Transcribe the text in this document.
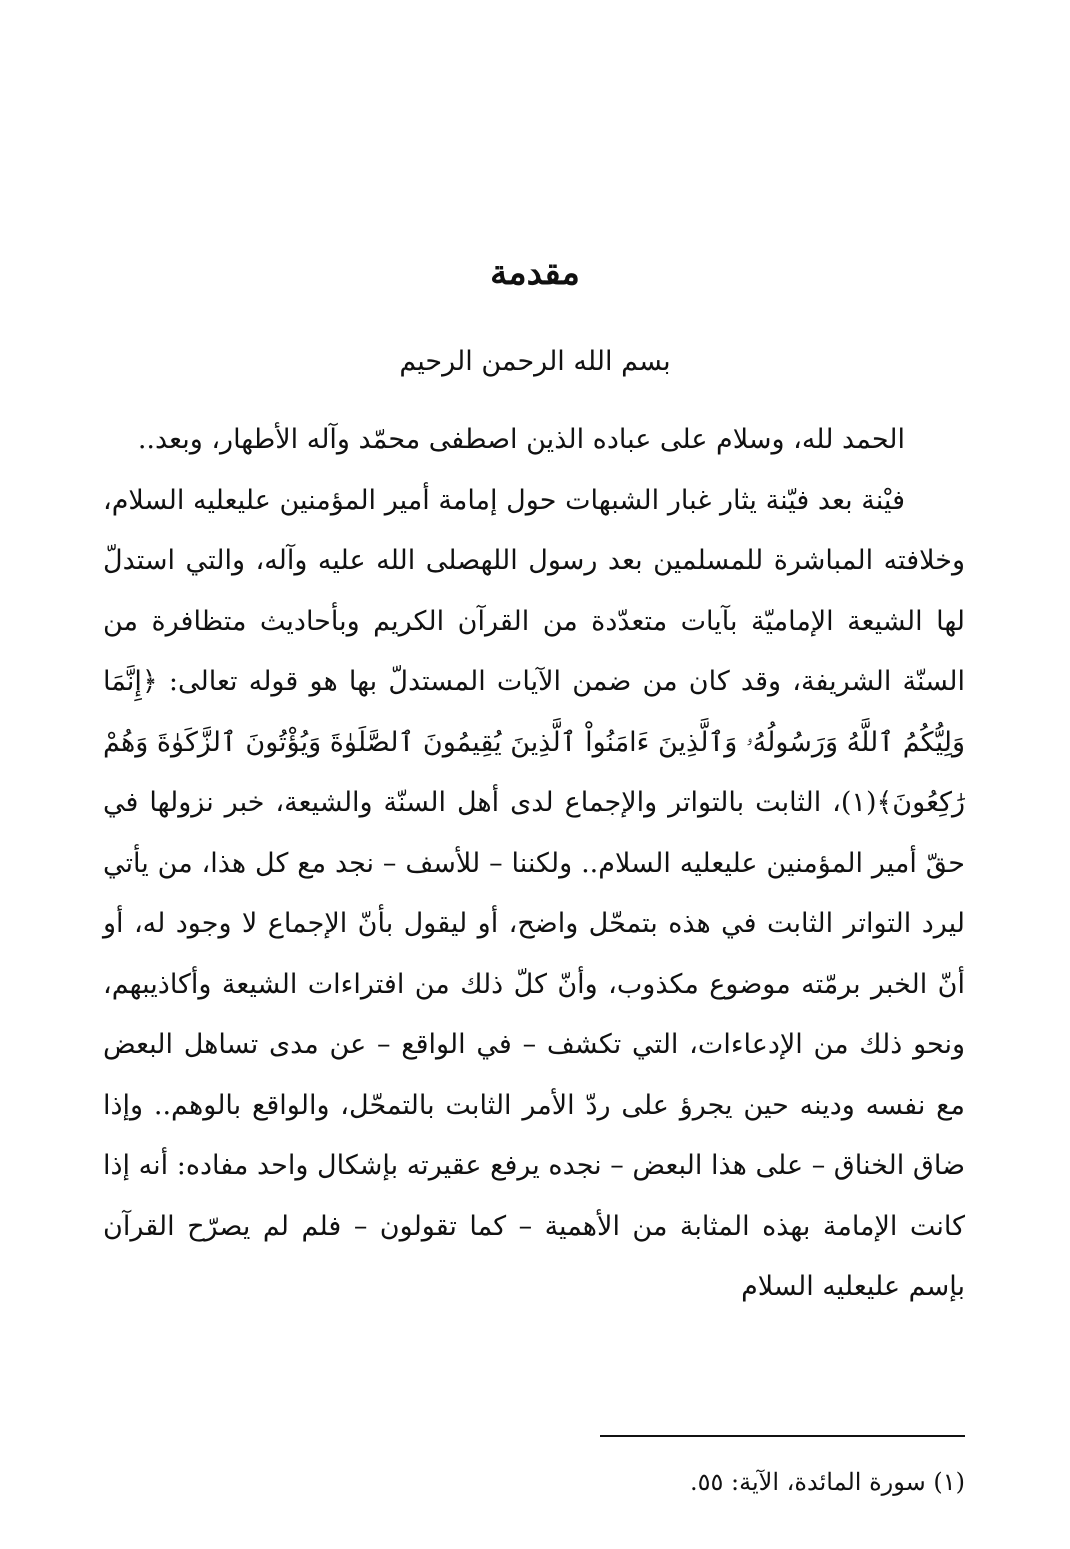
مقدمة
بسم الله الرحمن الرحيم

الحمد لله، وسلام على عباده الذين اصطفى محمّد وآله الأطهار، وبعد..

فيْنة بعد فيّنة يثار غبار الشبهات حول إمامة أمير المؤمنين عليعليه السلام، وخلافته المباشرة للمسلمين بعد رسول اللهصلى الله عليه وآله، والتي استدلّ لها الشيعة الإماميّة بآيات متعدّدة من القرآن الكريم وبأحاديث متظافرة من السنّة الشريفة، وقد كان من ضمن الآيات المستدلّ بها هو قوله تعالى: ﴿إِنَّمَا وَلِيُّكُمُ ٱللَّهُ وَرَسُولُهُۥ وَٱلَّذِينَ ءَامَنُواْ ٱلَّذِينَ يُقِيمُونَ ٱلصَّلَوٰةَ وَيُؤْتُونَ ٱلزَّكَوٰةَ وَهُمْ رَٰكِعُونَ﴾(١)، الثابت بالتواتر والإجماع لدى أهل السنّة والشيعة، خبر نزولها في حقّ أمير المؤمنين عليعليه السلام.. ولكننا – للأسف – نجد مع كل هذا، من يأتي ليرد التواتر الثابت في هذه بتمحّل واضح، أو ليقول بأنّ الإجماع لا وجود له، أو أنّ الخبر برمّته موضوع مكذوب، وأنّ كلّ ذلك من افتراءات الشيعة وأكاذيبهم، ونحو ذلك من الإدعاءات، التي تكشف – في الواقع – عن مدى تساهل البعض مع نفسه ودينه حين يجرؤ على ردّ الأمر الثابت بالتمحّل، والواقع بالوهم.. وإذا ضاق الخناق – على هذا البعض – نجده يرفع عقيرته بإشكال واحد مفاده: أنه إذا كانت الإمامة بهذه المثابة من الأهمية – كما تقولون – فلم لم يصرّح القرآن بإسم عليعليه السلام

(١) سورة المائدة، الآية: ٥٥.
